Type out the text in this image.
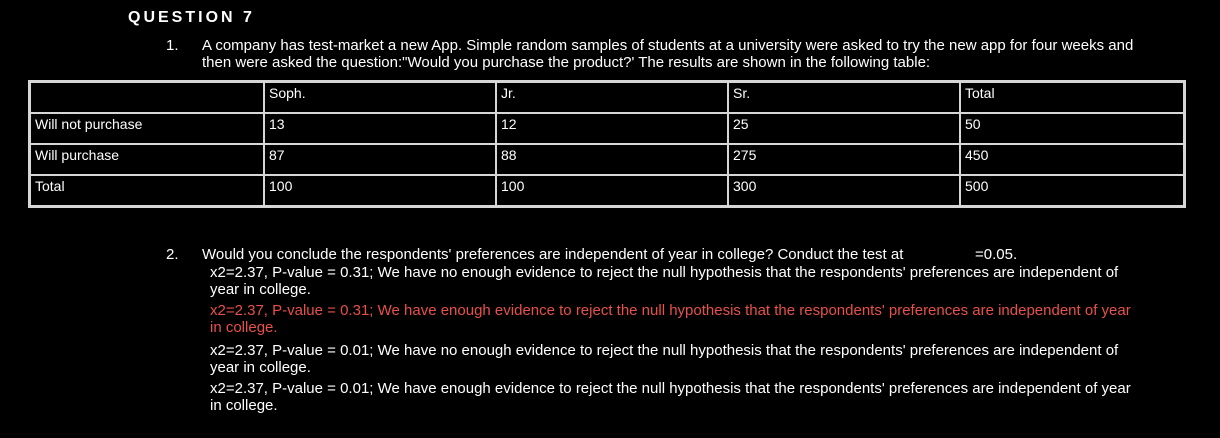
QUESTION 7
1. A company has test-market a new App. Simple random samples of students at a university were asked to try the new app for four weeks and
then were asked the question:"Would you purchase the product?' The results are shown in the following table:
	Soph.	Jr.	Sr.	Total
Will not purchase	13	12	25	50
Will purchase	87	88	275	450
Total	100	100	300	500
2. Would you conclude the respondents' preferences are independent of year in college? Conduct the test at	=0.05.
x2=2.37, P-value = 0.31; We have no enough evidence to reject the null hypothesis that the respondents' preferences are independent of
year in college.
x2=2.37, P-value = 0.31; We have enough evidence to reject the null hypothesis that the respondents' preferences are independent of year
in college.
x2=2.37, P-value = 0.01; We have no enough evidence to reject the null hypothesis that the respondents' preferences are independent of
year in college.
x2=2.37, P-value = 0.01; We have enough evidence to reject the null hypothesis that the respondents' preferences are independent of year
in college.
